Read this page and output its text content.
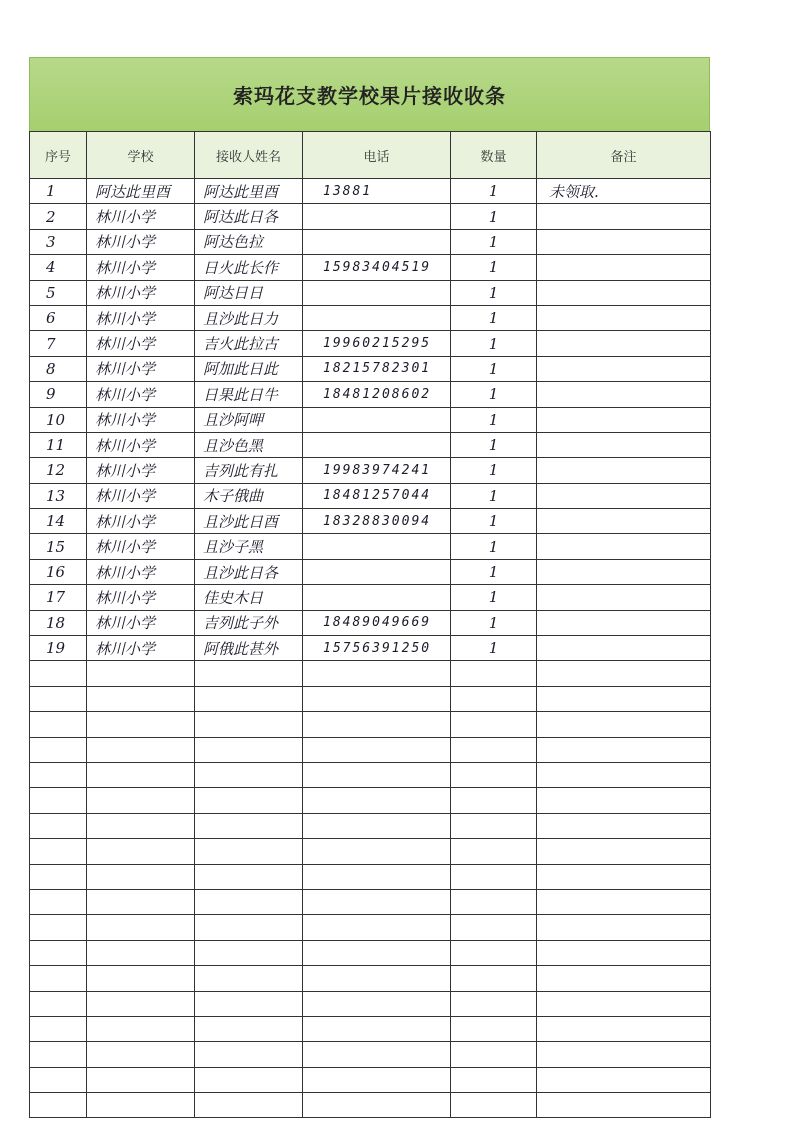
索玛花支教学校果片接收收条
序号	学校	接收人姓名	电话	数量	备注
1	阿达此里酉	阿达此里酉	13881	1	未领取.
2	林川小学	阿达此日各		1	
3	林川小学	阿达色拉		1	
4	林川小学	日火此长作	15983404519	1	
5	林川小学	阿达日日		1	
6	林川小学	且沙此日力		1	
7	林川小学	吉火此拉古	19960215295	1	
8	林川小学	阿加此日此	18215782301	1	
9	林川小学	日果此日牛	18481208602	1	
10	林川小学	且沙阿呷		1	
11	林川小学	且沙色黑		1	
12	林川小学	吉列此有扎	19983974241	1	
13	林川小学	木子俄曲	18481257044	1	
14	林川小学	且沙此日酉	18328830094	1	
15	林川小学	且沙子黑		1	
16	林川小学	且沙此日各		1	
17	林川小学	佳史木日		1	
18	林川小学	吉列此子外	18489049669	1	
19	林川小学	阿俄此甚外	15756391250	1	
